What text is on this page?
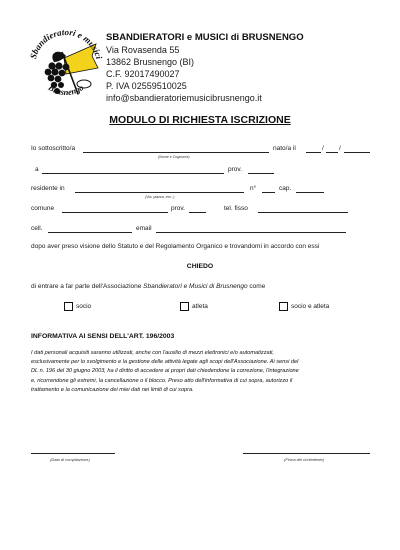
Sbandieratori e musici
Brusnengo
SBANDIERATORI e MUSICI di BRUSNENGO
Via Rovasenda 55
13862 Brusnengo (BI)
C.F. 92017490027
P. IVA 02559510025
info@sbandieratoriemusicibrusnengo.it
MODULO DI RICHIESTA ISCRIZIONE
Io sottoscritto/a
(Nome e Cognome)
nato/a il	/ /
a	prov.
residente in
(Via, piazza, ecc..)
n°	cap.
comune	prov.	tel. fisso
cell.	email
dopo aver preso visione dello Statuto e del Regolamento Organico e trovandomi in accordo con essi
CHIEDO
di entrare a far parte dell'Associazione Sbandieratori e Musici di Brusnengo come
socio	atleta	socio e atleta
INFORMATIVA AI SENSI DELL'ART. 196/2003
I dati personali acquisiti saranno utilizzati, anche con l'ausilio di mezzi elettronici e/o automatizzati,
esclusivamente per lo svolgimento e la gestione delle attività legate agli scopi dell'Associazione. Ai sensi del
DL n. 196 del 30 giugno 2003, ha il diritto di accedere ai propri dati chiedendone la correzione, l'integrazione
e, ricorrendone gli estremi, la cancellazione o il blocco. Preso atto dell'informativa di cui sopra, autorizzo il
trattamento e la comunicazione dei miei dati nei limiti di cui sopra.
(Data di compilazione)	(Firma del richiedente)
